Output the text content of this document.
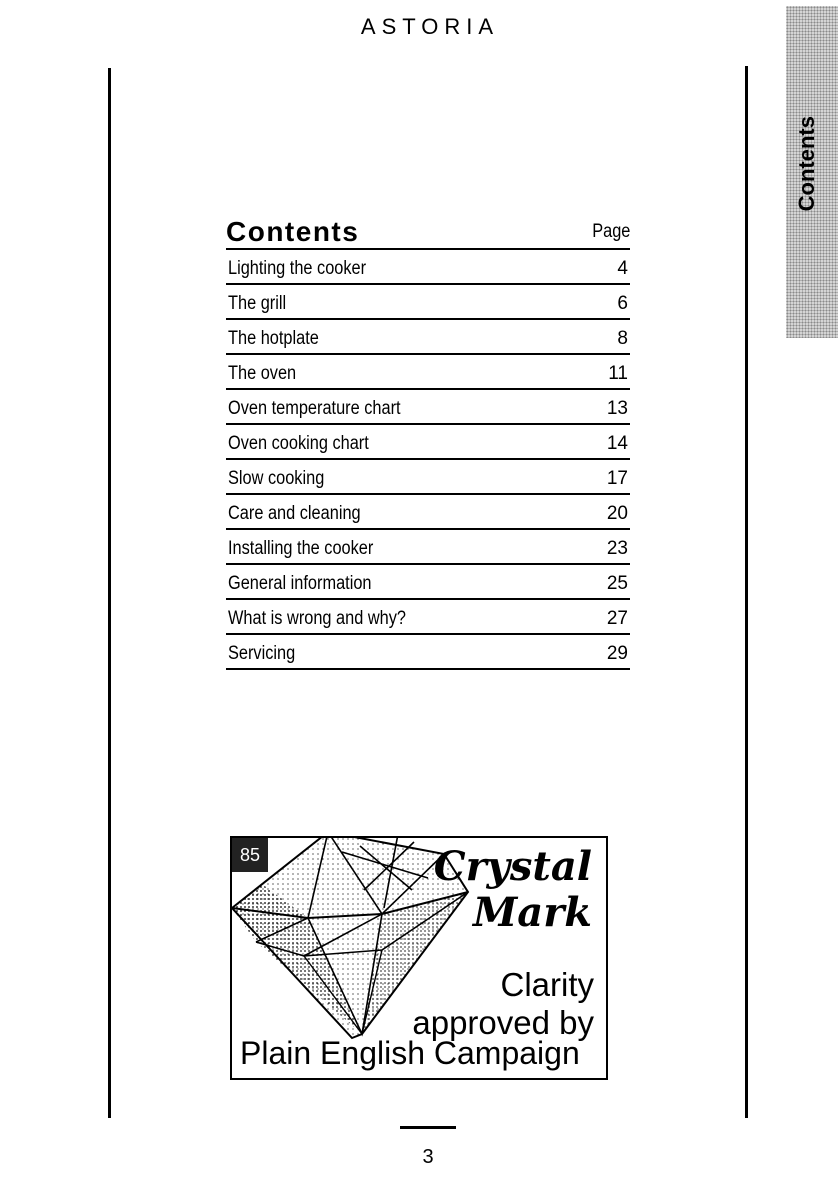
ASTORIA
Contents
Contents	Page
Lighting the cooker	4
The grill	6
The hotplate	8
The oven	11
Oven temperature chart	13
Oven cooking chart	14
Slow cooking	17
Care and cleaning	20
Installing the cooker	23
General information	25
What is wrong and why?	27
Servicing	29
85	Crystal
Mark
Clarity
approved by
Plain English Campaign
3
